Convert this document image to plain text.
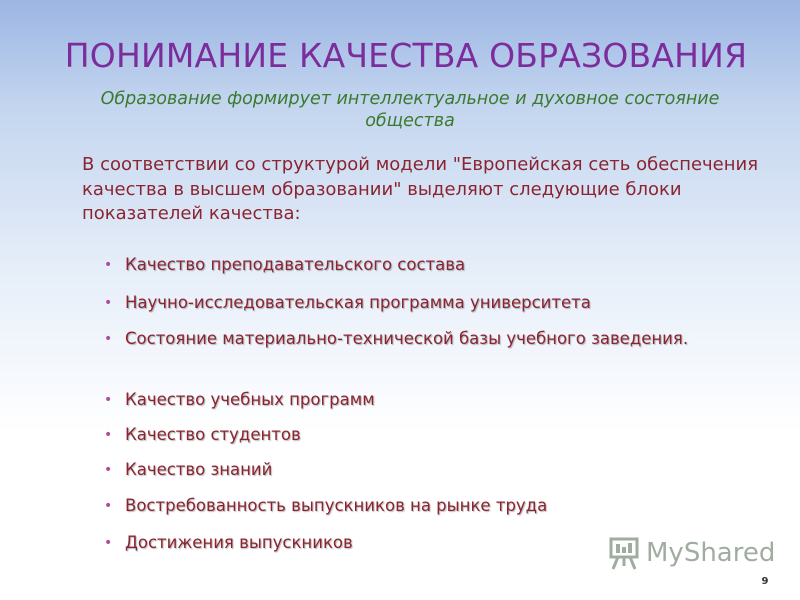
ПОНИМАНИЕ КАЧЕСТВА ОБРАЗОВАНИЯ
Образование формирует интеллектуальное и духовное состояние общества
В соответствии со структурой модели "Европейская сеть обеспечения качества в высшем образовании" выделяют следующие блоки показателей качества:
• Качество преподавательского состава
• Научно-исследовательская программа университета
• Состояние материально-технической базы учебного заведения.
• Качество учебных программ
• Качество студентов
• Качество знаний
• Востребованность выпускников на рынке труда
• Достижения выпускников	MyShared
9
